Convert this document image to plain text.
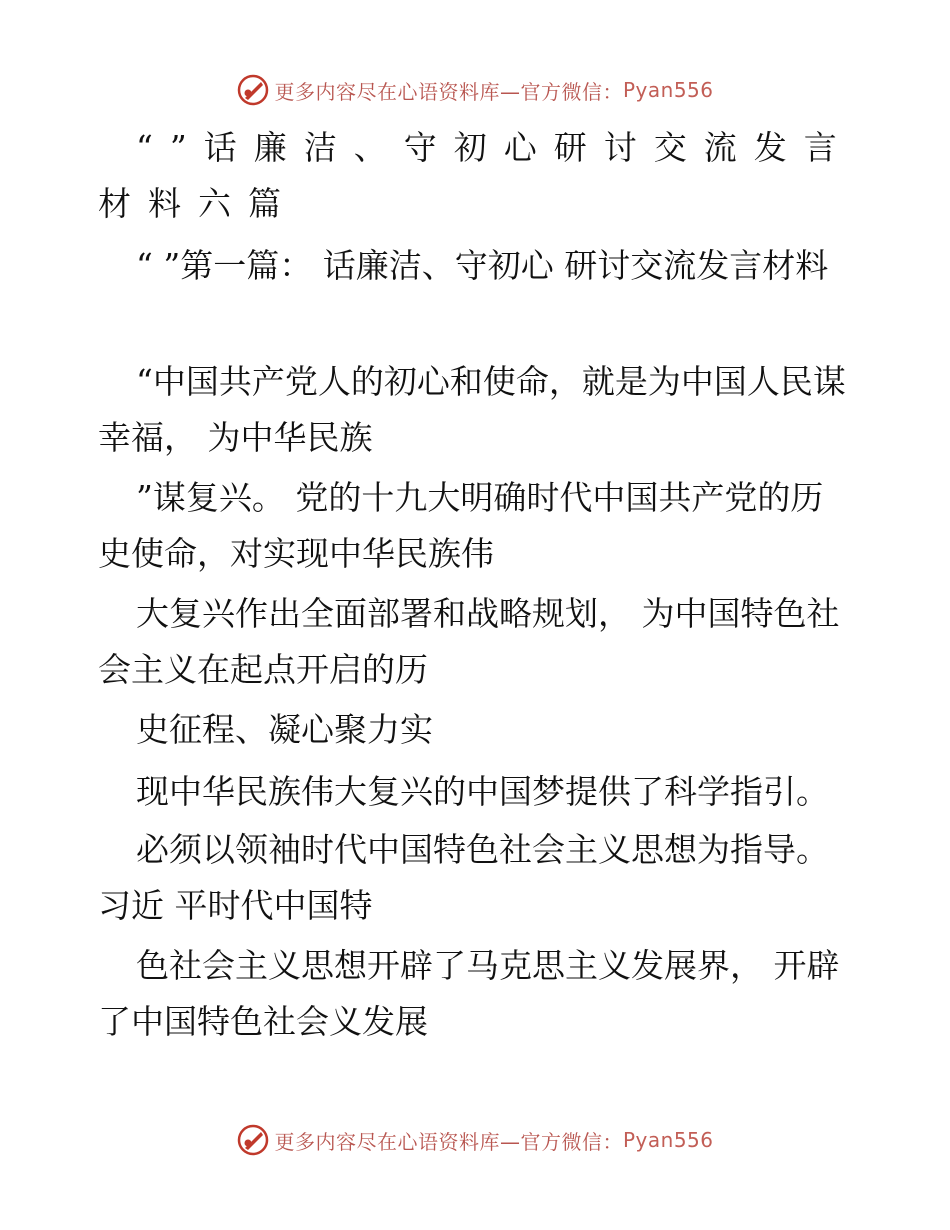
更多内容尽在心语资料库—官方微信： Pyan556

“”话廉洁、守初心研讨交流发言材料六篇

“ ”第一篇： 话廉洁、守初心 研讨交流发言材料

“中国共产党人的初心和使命，就是为中国人民谋幸福， 为中华民族

”谋复兴。 党的十九大明确时代中国共产党的历 史使命，对实现中华民族伟

大复兴作出全面部署和战略规划， 为中国特色社会主义在起点开启的历

史征程、凝心聚力实

现中华民族伟大复兴的中国梦提供了科学指引。

必须以领袖时代中国特色社会主义思想为指导。习近 平时代中国特

色社会主义思想开辟了马克思主义发展界， 开辟了中国特色社会义发展

更多内容尽在心语资料库—官方微信： Pyan556
